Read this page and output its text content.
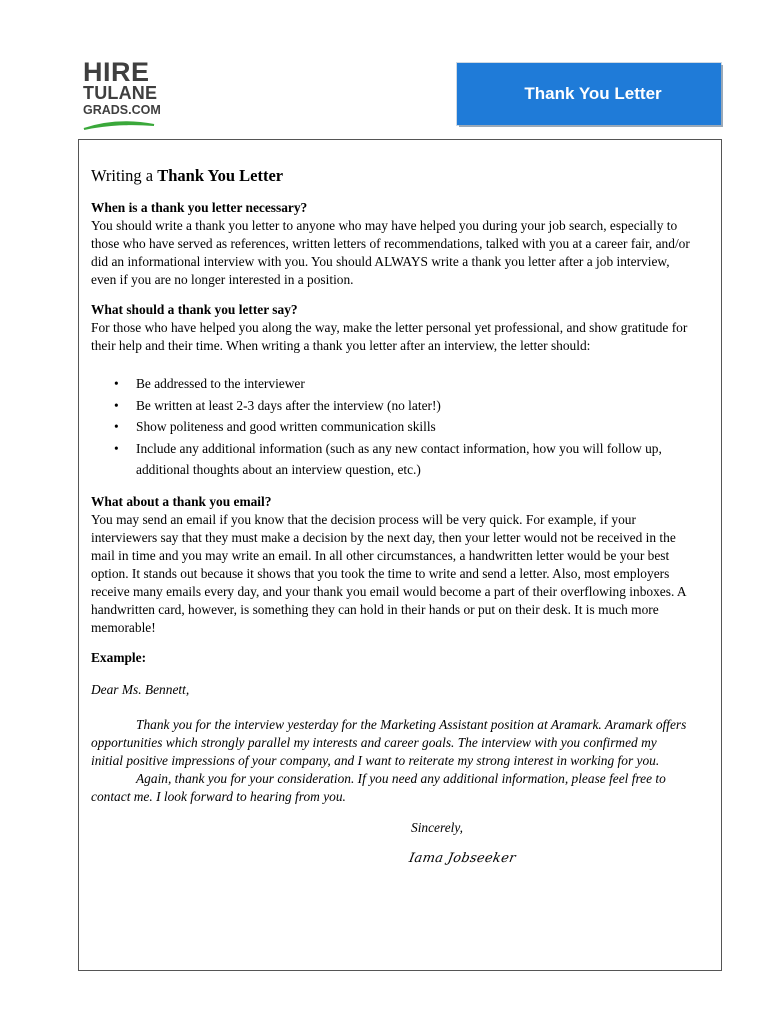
HIRE
TULANE
GRADS.COM
Thank You Letter
Writing a Thank You Letter

When is a thank you letter necessary?

You should write a thank you letter to anyone who may have helped you during your job search, especially to those who have served as references, written letters of recommendations, talked with you at a career fair, and/or did an informational interview with you. You should ALWAYS write a thank you letter after a job interview, even if you are no longer interested in a position.

What should a thank you letter say?

For those who have helped you along the way, make the letter personal yet professional, and show gratitude for their help and their time. When writing a thank you letter after an interview, the letter should:

• Be addressed to the interviewer
• Be written at least 2-3 days after the interview (no later!)
• Show politeness and good written communication skills
• Include any additional information (such as any new contact information, how you will follow up, additional thoughts about an interview question, etc.)

What about a thank you email?

You may send an email if you know that the decision process will be very quick. For example, if your interviewers say that they must make a decision by the next day, then your letter would not be received in the mail in time and you may write an email. In all other circumstances, a handwritten letter would be your best option. It stands out because it shows that you took the time to write and send a letter. Also, most employers receive many emails every day, and your thank you email would become a part of their overflowing inboxes. A handwritten card, however, is something they can hold in their hands or put on their desk. It is much more memorable!

Example:

Dear Ms. Bennett,

Thank you for the interview yesterday for the Marketing Assistant position at Aramark. Aramark offers opportunities which strongly parallel my interests and career goals. The interview with you confirmed my initial positive impressions of your company, and I want to reiterate my strong interest in working for you.

Again, thank you for your consideration. If you need any additional information, please feel free to contact me. I look forward to hearing from you.

Sincerely,

Iama Jobseeker
